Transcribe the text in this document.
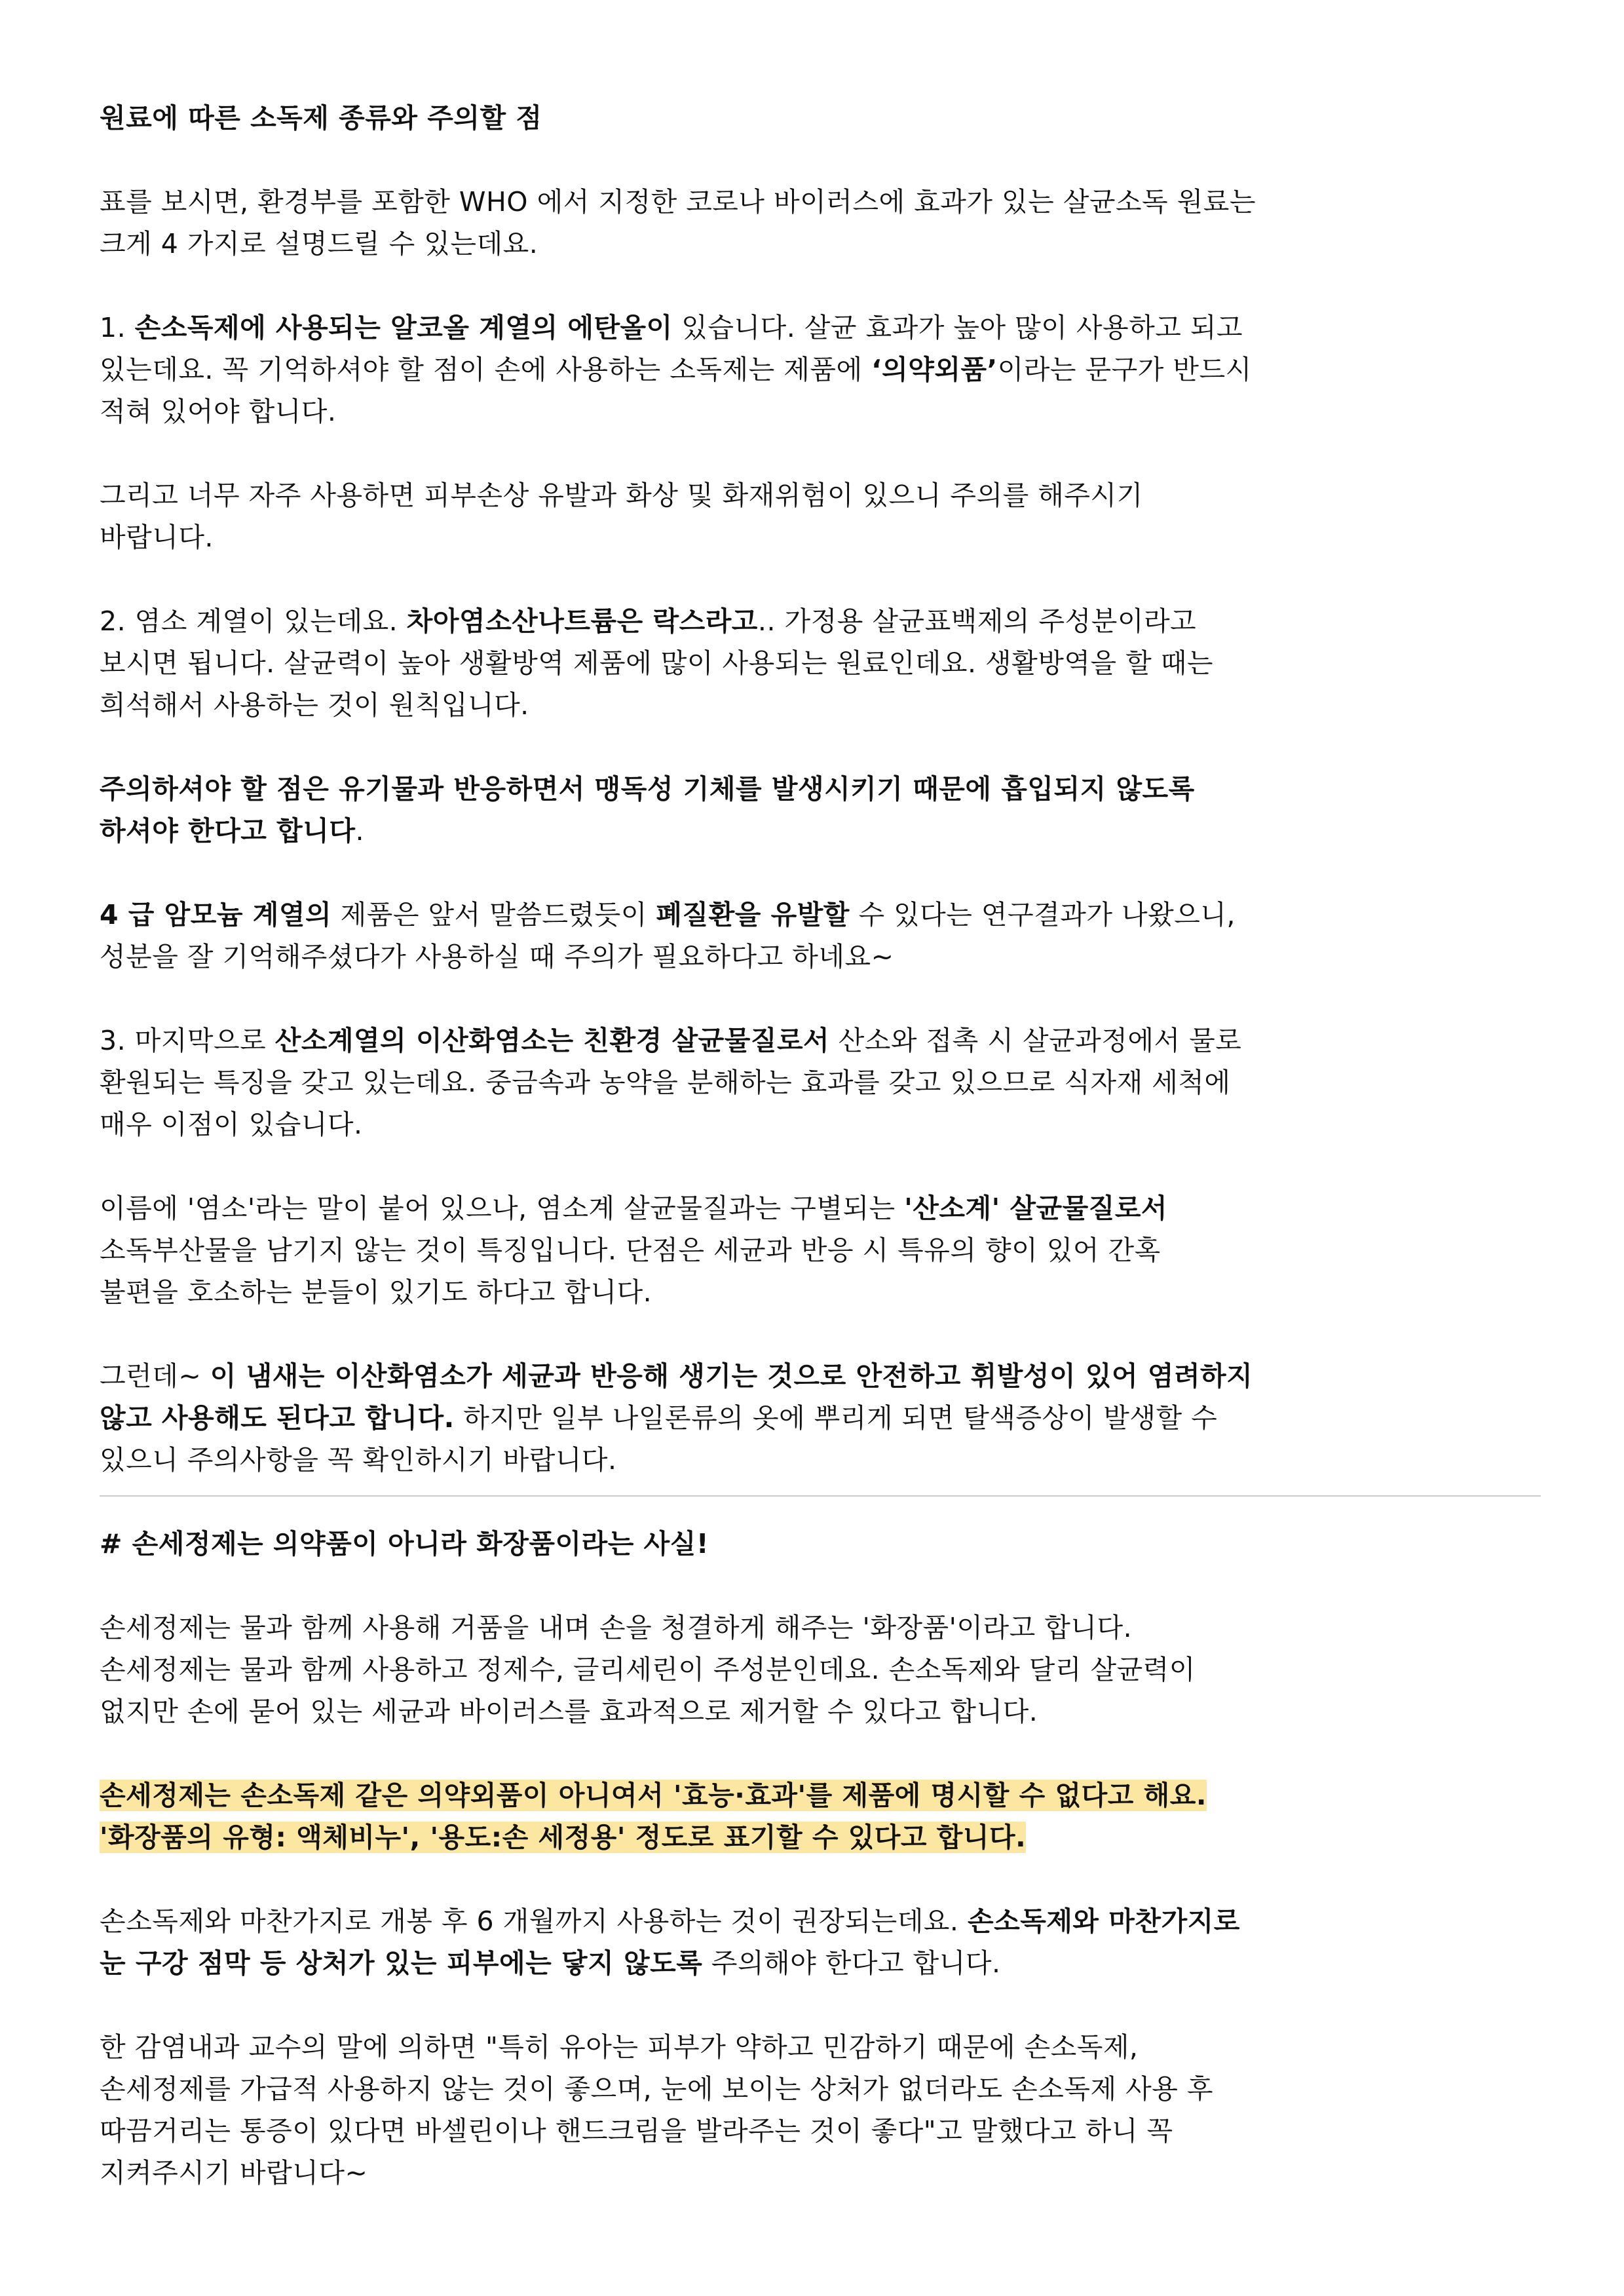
원료에 따른 소독제 종류와 주의할 점

표를 보시면, 환경부를 포함한 WHO 에서 지정한 코로나 바이러스에 효과가 있는 살균소독 원료는
크게 4 가지로 설명드릴 수 있는데요.

1. 손소독제에 사용되는 알코올 계열의 에탄올이 있습니다. 살균 효과가 높아 많이 사용하고 되고
있는데요. 꼭 기억하셔야 할 점이 손에 사용하는 소독제는 제품에 ‘의약외품’이라는 문구가 반드시
적혀 있어야 합니다.

그리고 너무 자주 사용하면 피부손상 유발과 화상 및 화재위험이 있으니 주의를 해주시기
바랍니다.

2. 염소 계열이 있는데요. 차아염소산나트륨은 락스라고.. 가정용 살균표백제의 주성분이라고
보시면 됩니다. 살균력이 높아 생활방역 제품에 많이 사용되는 원료인데요. 생활방역을 할 때는
희석해서 사용하는 것이 원칙입니다.

주의하셔야 할 점은 유기물과 반응하면서 맹독성 기체를 발생시키기 때문에 흡입되지 않도록
하셔야 한다고 합니다.

4 급 암모늄 계열의 제품은 앞서 말씀드렸듯이 폐질환을 유발할 수 있다는 연구결과가 나왔으니,
성분을 잘 기억해주셨다가 사용하실 때 주의가 필요하다고 하네요~

3. 마지막으로 산소계열의 이산화염소는 친환경 살균물질로서 산소와 접촉 시 살균과정에서 물로
환원되는 특징을 갖고 있는데요. 중금속과 농약을 분해하는 효과를 갖고 있으므로 식자재 세척에
매우 이점이 있습니다.

이름에 '염소'라는 말이 붙어 있으나, 염소계 살균물질과는 구별되는 '산소계' 살균물질로서
소독부산물을 남기지 않는 것이 특징입니다. 단점은 세균과 반응 시 특유의 향이 있어 간혹
불편을 호소하는 분들이 있기도 하다고 합니다.

그런데~ 이 냄새는 이산화염소가 세균과 반응해 생기는 것으로 안전하고 휘발성이 있어 염려하지
않고 사용해도 된다고 합니다. 하지만 일부 나일론류의 옷에 뿌리게 되면 탈색증상이 발생할 수
있으니 주의사항을 꼭 확인하시기 바랍니다.

# 손세정제는 의약품이 아니라 화장품이라는 사실!

손세정제는 물과 함께 사용해 거품을 내며 손을 청결하게 해주는 '화장품'이라고 합니다.
손세정제는 물과 함께 사용하고 정제수, 글리세린이 주성분인데요. 손소독제와 달리 살균력이
없지만 손에 묻어 있는 세균과 바이러스를 효과적으로 제거할 수 있다고 합니다.

손세정제는 손소독제 같은 의약외품이 아니여서 '효능·효과'를 제품에 명시할 수 없다고 해요.
'화장품의 유형: 액체비누', '용도:손 세정용' 정도로 표기할 수 있다고 합니다.

손소독제와 마찬가지로 개봉 후 6 개월까지 사용하는 것이 권장되는데요. 손소독제와 마찬가지로
눈 구강 점막 등 상처가 있는 피부에는 닿지 않도록 주의해야 한다고 합니다.

한 감염내과 교수의 말에 의하면 "특히 유아는 피부가 약하고 민감하기 때문에 손소독제,
손세정제를 가급적 사용하지 않는 것이 좋으며, 눈에 보이는 상처가 없더라도 손소독제 사용 후
따끔거리는 통증이 있다면 바셀린이나 핸드크림을 발라주는 것이 좋다"고 말했다고 하니 꼭
지켜주시기 바랍니다~
